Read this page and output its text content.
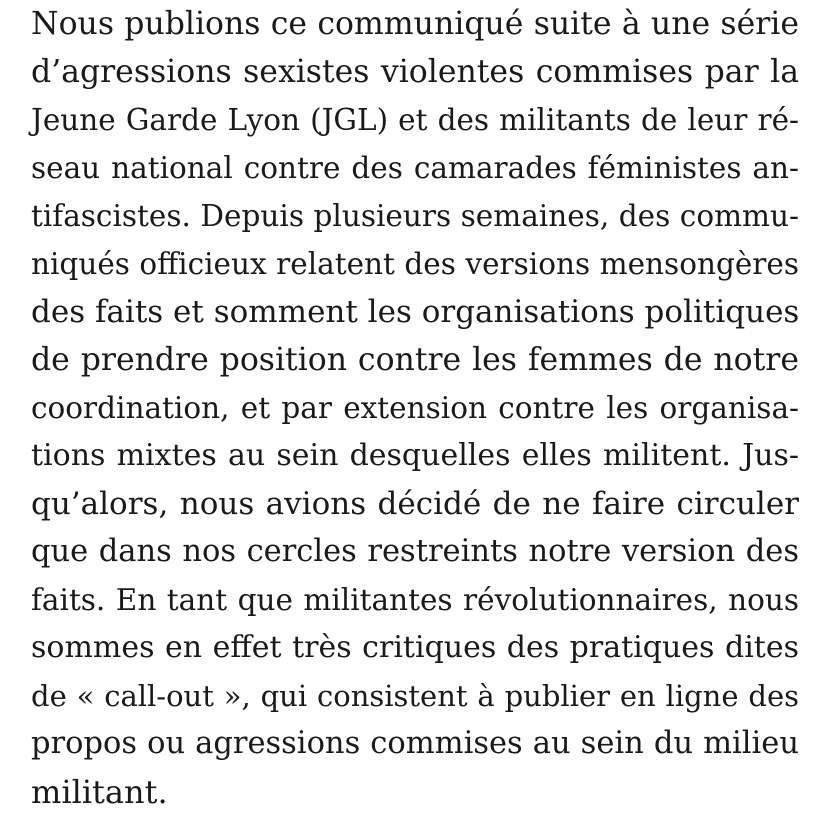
Nous publions ce communiqué suite à une série
d’agressions sexistes violentes commises par la
Jeune Garde Lyon (JGL) et des militants de leur ré-
seau national contre des camarades féministes an-
tifascistes. Depuis plusieurs semaines, des commu-
niqués officieux relatent des versions mensongères
des faits et somment les organisations politiques
de prendre position contre les femmes de notre
coordination, et par extension contre les organisa-
tions mixtes au sein desquelles elles militent. Jus-
qu’alors, nous avions décidé de ne faire circuler
que dans nos cercles restreints notre version des
faits. En tant que militantes révolutionnaires, nous
sommes en effet très critiques des pratiques dites
de « call-out », qui consistent à publier en ligne des
propos ou agressions commises au sein du milieu
militant.
